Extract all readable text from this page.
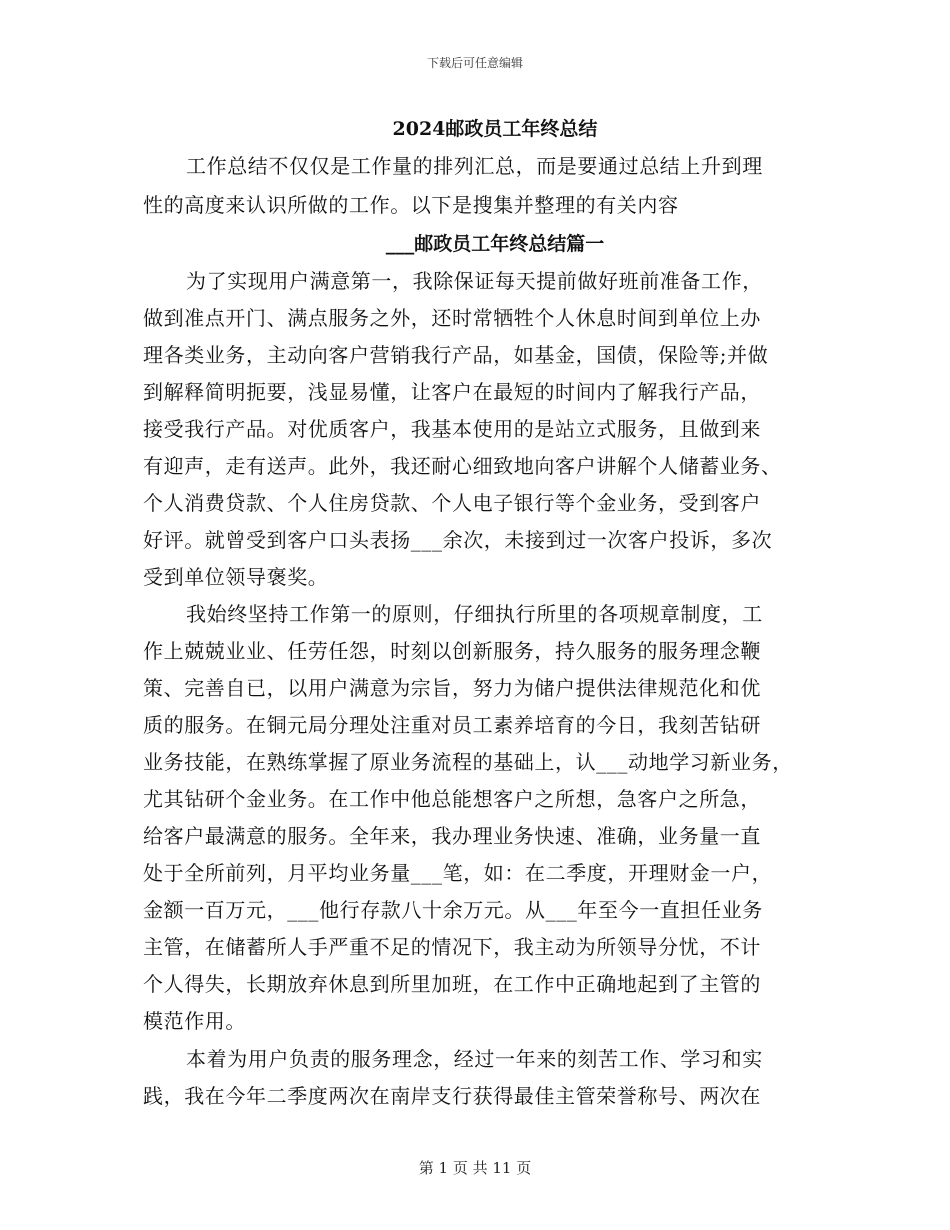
下载后可任意编辑
2024邮政员工年终总结
工作总结不仅仅是工作量的排列汇总，而是要通过总结上升到理
性的高度来认识所做的工作。以下是搜集并整理的有关内容
___邮政员工年终总结篇一
为了实现用户满意第一，我除保证每天提前做好班前准备工作，
做到准点开门、满点服务之外，还时常牺牲个人休息时间到单位上办
理各类业务，主动向客户营销我行产品，如基金，国债，保险等;并做
到解释简明扼要，浅显易懂，让客户在最短的时间内了解我行产品，
接受我行产品。对优质客户，我基本使用的是站立式服务，且做到来
有迎声，走有送声。此外，我还耐心细致地向客户讲解个人储蓄业务、
个人消费贷款、个人住房贷款、个人电子银行等个金业务，受到客户
好评。就曾受到客户口头表扬___余次，未接到过一次客户投诉，多次
受到单位领导褒奖。
我始终坚持工作第一的原则，仔细执行所里的各项规章制度，工
作上兢兢业业、任劳任怨，时刻以创新服务，持久服务的服务理念鞭
策、完善自已，以用户满意为宗旨，努力为储户提供法律规范化和优
质的服务。在铜元局分理处注重对员工素养培育的今日，我刻苦钻研
业务技能，在熟练掌握了原业务流程的基础上，认___动地学习新业务，
尤其钻研个金业务。在工作中他总能想客户之所想，急客户之所急，
给客户最满意的服务。全年来，我办理业务快速、准确，业务量一直
处于全所前列，月平均业务量___笔，如：在二季度，开理财金一户，
金额一百万元，___他行存款八十余万元。从___年至今一直担任业务
主管，在储蓄所人手严重不足的情况下，我主动为所领导分忧，不计
个人得失，长期放弃休息到所里加班，在工作中正确地起到了主管的
模范作用。
本着为用户负责的服务理念，经过一年来的刻苦工作、学习和实
践，我在今年二季度两次在南岸支行获得最佳主管荣誉称号、两次在
第 1 页 共 11 页
